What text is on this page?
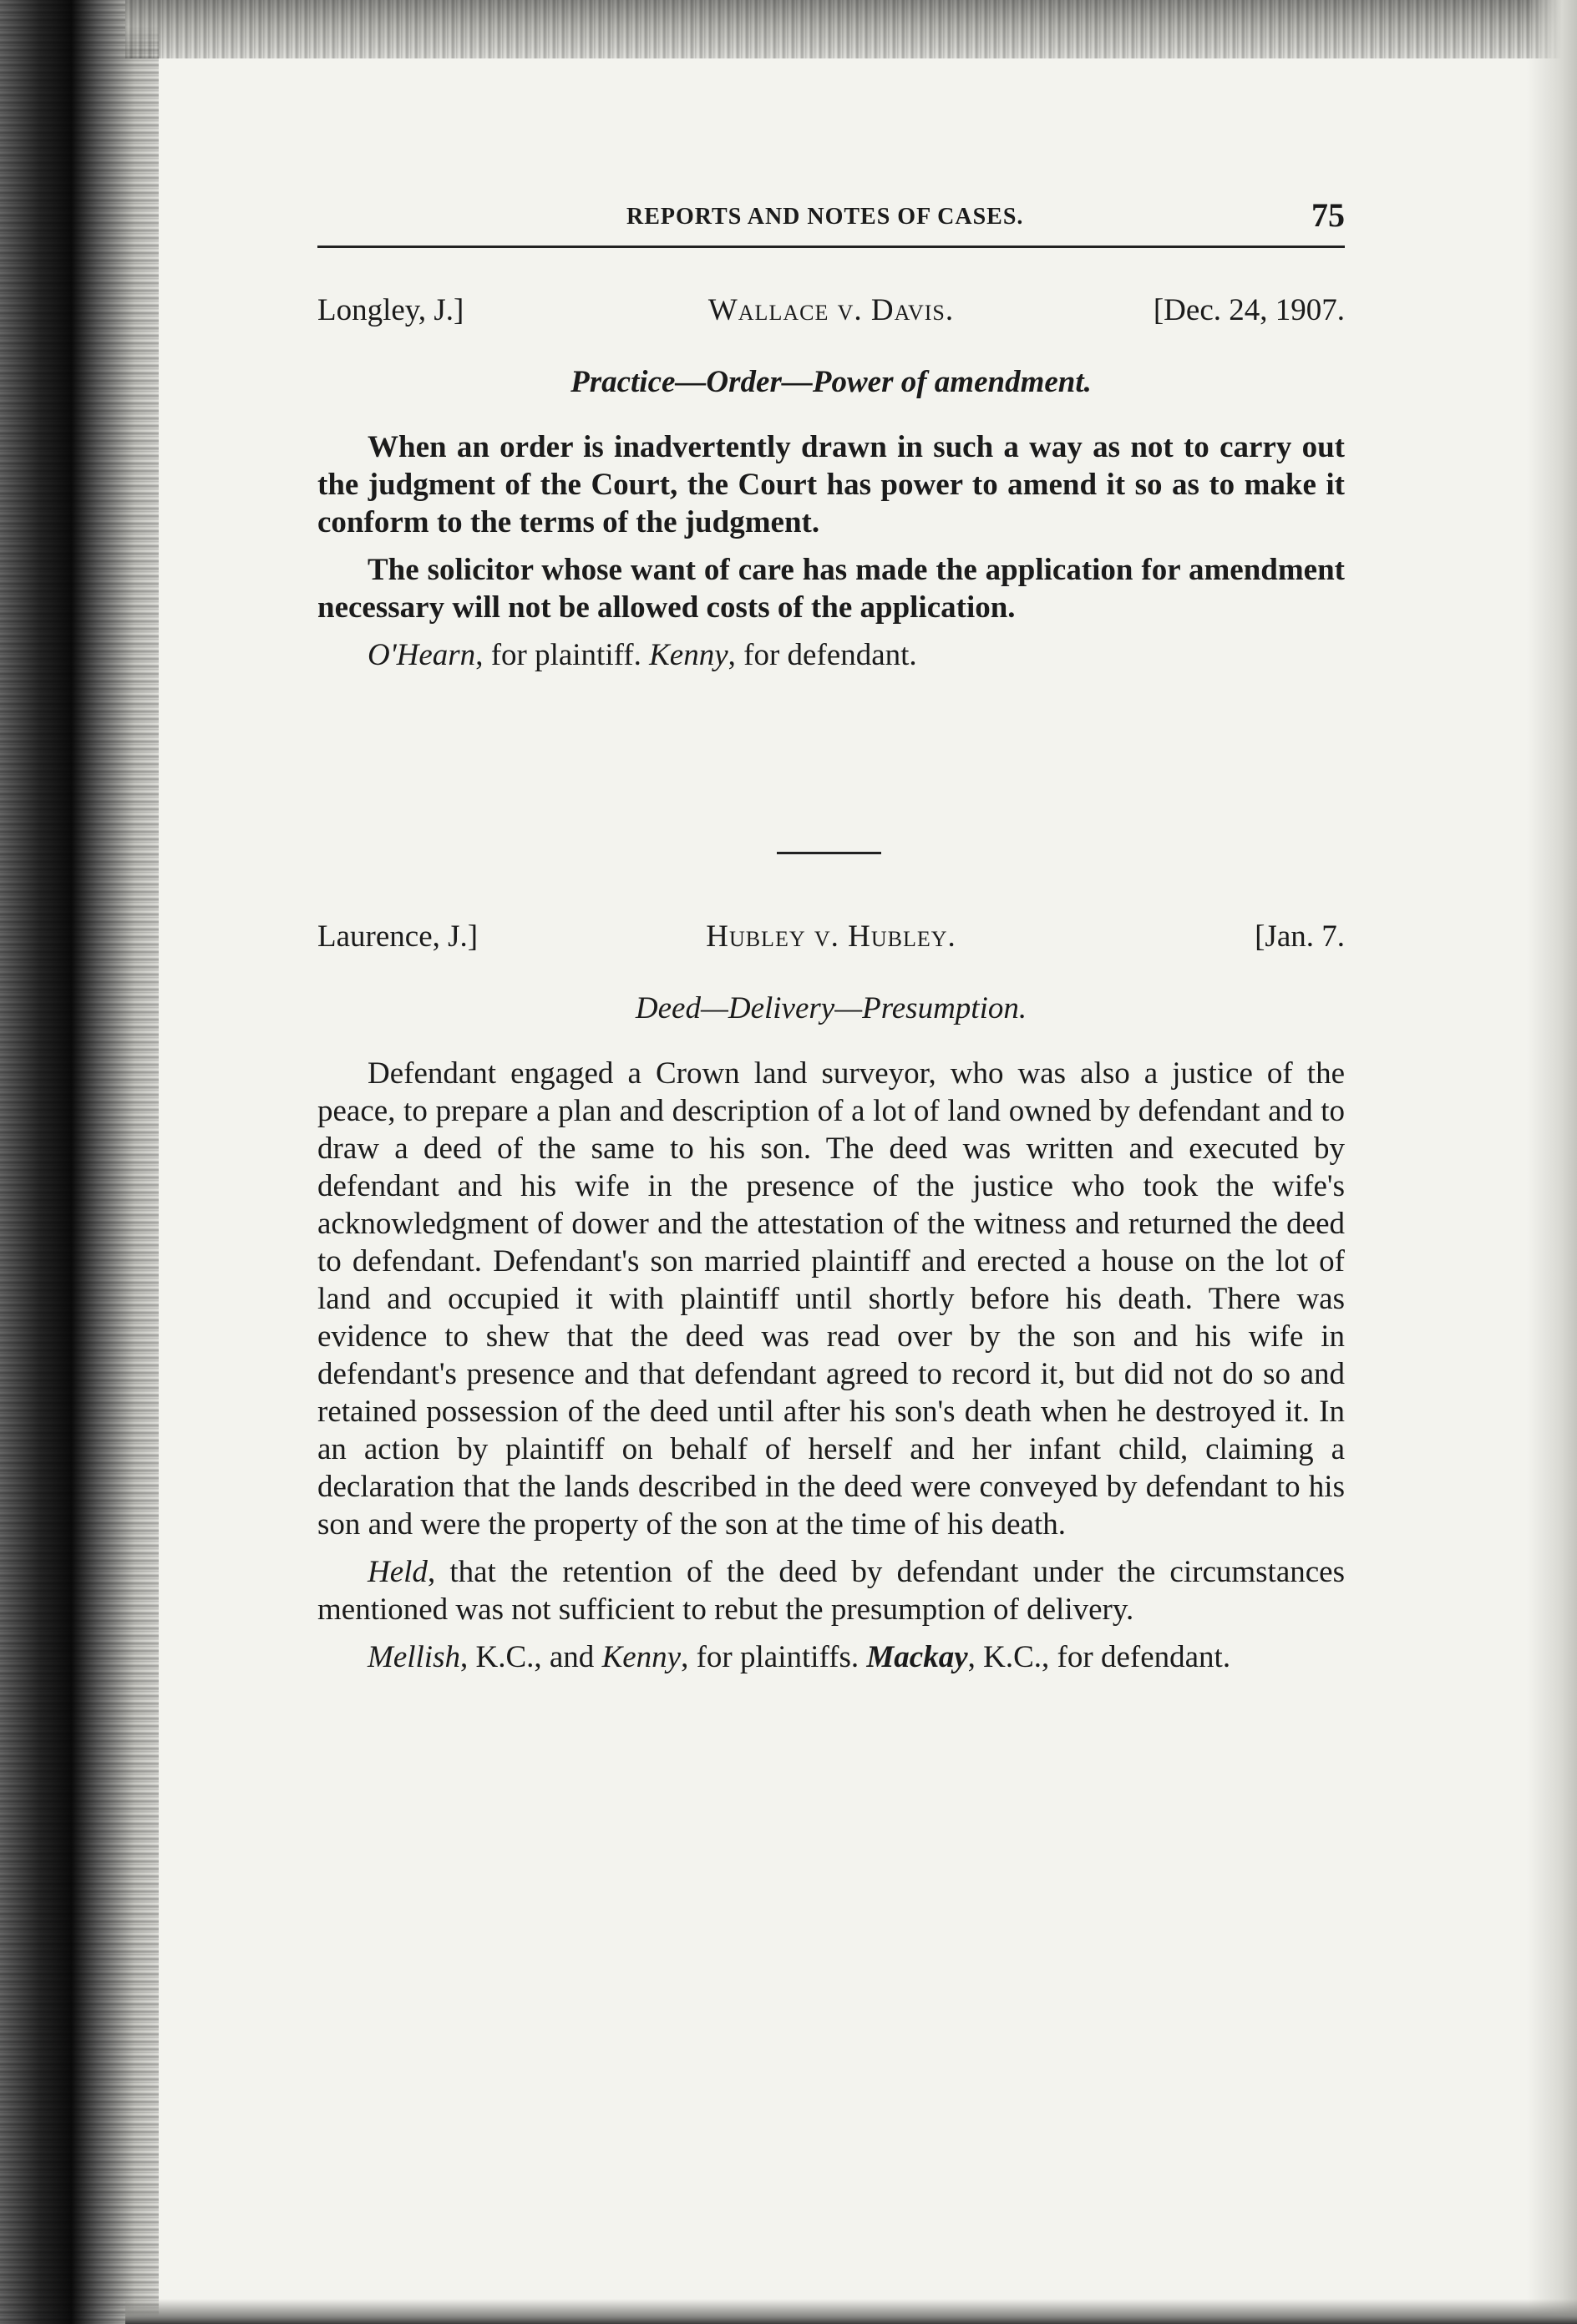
REPORTS AND NOTES OF CASES.	75
Longley, J.]	Wallace v. Davis.	[Dec. 24, 1907.
Practice—Order—Power of amendment.

When an order is inadvertently drawn in such a way as not to carry out the judgment of the Court, the Court has power to amend it so as to make it conform to the terms of the judgment.

The solicitor whose want of care has made the application for amendment necessary will not be allowed costs of the application.

O'Hearn, for plaintiff. Kenny, for defendant.

Laurence, J.]	Hubley v. Hubley.	[Jan. 7.
Deed—Delivery—Presumption.

Defendant engaged a Crown land surveyor, who was also a justice of the peace, to prepare a plan and description of a lot of land owned by defendant and to draw a deed of the same to his son. The deed was written and executed by defendant and his wife in the presence of the justice who took the wife's acknowledgment of dower and the attestation of the witness and returned the deed to defendant. Defendant's son married plaintiff and erected a house on the lot of land and occupied it with plaintiff until shortly before his death. There was evidence to shew that the deed was read over by the son and his wife in defendant's presence and that defendant agreed to record it, but did not do so and retained possession of the deed until after his son's death when he destroyed it. In an action by plaintiff on behalf of herself and her infant child, claiming a declaration that the lands described in the deed were conveyed by defendant to his son and were the property of the son at the time of his death.

Held, that the retention of the deed by defendant under the circumstances mentioned was not sufficient to rebut the presumption of delivery.

Mellish, K.C., and Kenny, for plaintiffs. Mackay, K.C., for defendant.
